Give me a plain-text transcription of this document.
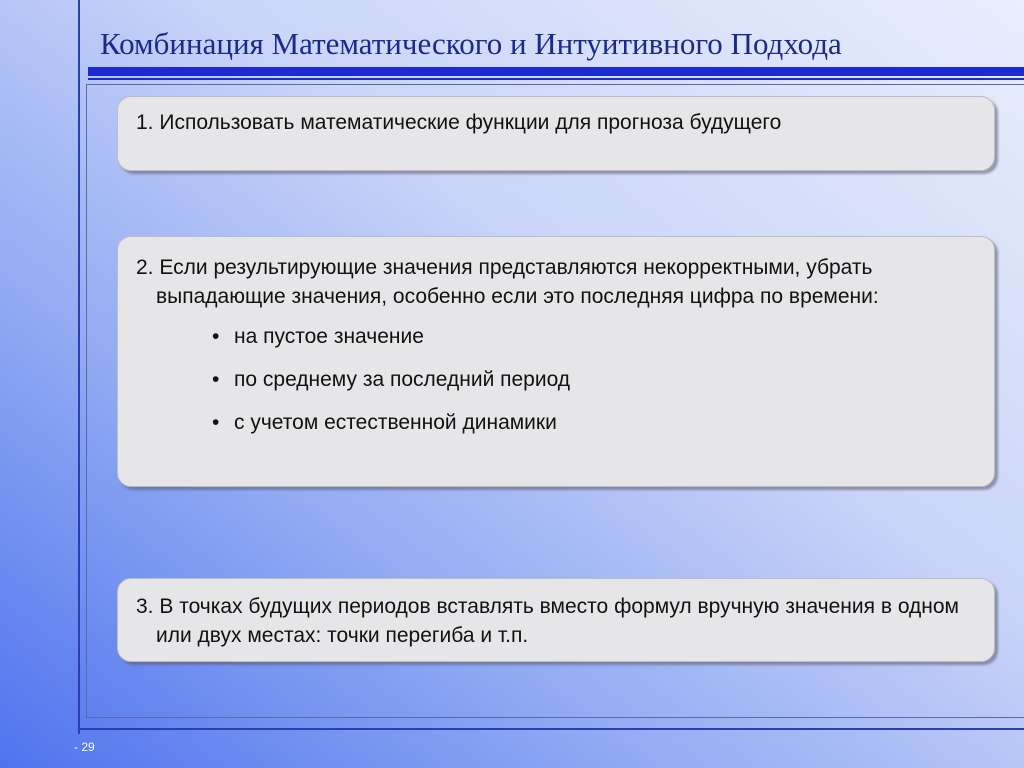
Комбинация Математического и Интуитивного Подхода

1. Использовать математические функции для прогноза будущего

2. Если результирующие значения представляются некорректными, убрать выпадающие значения, особенно если это последняя цифра по времени:

• на пустое значение
• по среднему за последний период
• с учетом естественной динамики

3. В точках будущих периодов вставлять вместо формул вручную значения в одном или двух местах: точки перегиба и т.п.

- 29
